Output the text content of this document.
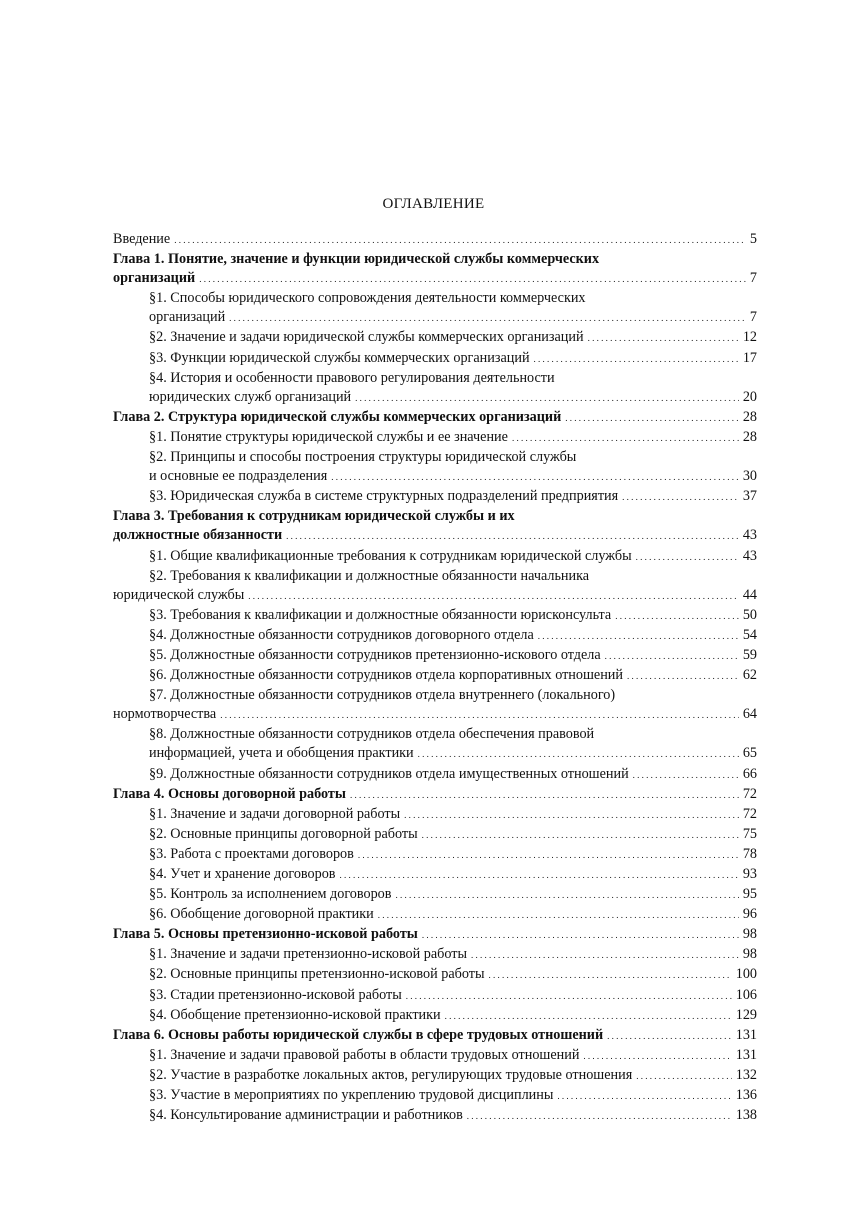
ОГЛАВЛЕНИЕ
Введение . . .	5
Глава 1. Понятие, значение и функции юридической службы коммерческих
организаций . . .	7
§1. Способы юридического сопровождения деятельности коммерческих
организаций . . .	7
§2. Значение и задачи юридической службы коммерческих организаций . . .	12
§3. Функции юридической службы коммерческих организаций . . .	17
§4. История и особенности правового регулирования деятельности
юридических служб организаций . . .	20
Глава 2. Структура юридической службы коммерческих организаций . . .	28
§1. Понятие структуры юридической службы и ее значение . . .	28
§2. Принципы и способы построения структуры юридической службы
и основные ее подразделения . . .	30
§3. Юридическая служба в системе структурных подразделений предприятия . . .	37
Глава 3. Требования к сотрудникам юридической службы и их
должностные обязанности . . .	43
§1. Общие квалификационные требования к сотрудникам юридической службы . . .	43
§2. Требования к квалификации и должностные обязанности начальника
юридической службы . . .	44
§3. Требования к квалификации и должностные обязанности юрисконсульта . . .	50
§4. Должностные обязанности сотрудников договорного отдела . . .	54
§5. Должностные обязанности сотрудников претензионно-искового отдела . . .	59
§6. Должностные обязанности сотрудников отдела корпоративных отношений . . .	62
§7. Должностные обязанности сотрудников отдела внутреннего (локального)
нормотворчества . . .	64
§8. Должностные обязанности сотрудников отдела обеспечения правовой
информацией, учета и обобщения практики . . .	65
§9. Должностные обязанности сотрудников отдела имущественных отношений . . .	66
Глава 4. Основы договорной работы . . .	72
§1. Значение и задачи договорной работы . . .	72
§2. Основные принципы договорной работы . . .	75
§3. Работа с проектами договоров . . .	78
§4. Учет и хранение договоров . . .	93
§5. Контроль за исполнением договоров . . .	95
§6. Обобщение договорной практики . . .	96
Глава 5. Основы претензионно-исковой работы . . .	98
§1. Значение и задачи претензионно-исковой работы . . .	98
§2. Основные принципы претензионно-исковой работы . . .	100
§3. Стадии претензионно-исковой работы . . .	106
§4. Обобщение претензионно-исковой практики . . .	129
Глава 6. Основы работы юридической службы в сфере трудовых отношений . . .	131
§1. Значение и задачи правовой работы в области трудовых отношений . . .	131
§2. Участие в разработке локальных актов, регулирующих трудовые отношения . . .	132
§3. Участие в мероприятиях по укреплению трудовой дисциплины . . .	136
§4. Консультирование администрации и работников . . .	138
